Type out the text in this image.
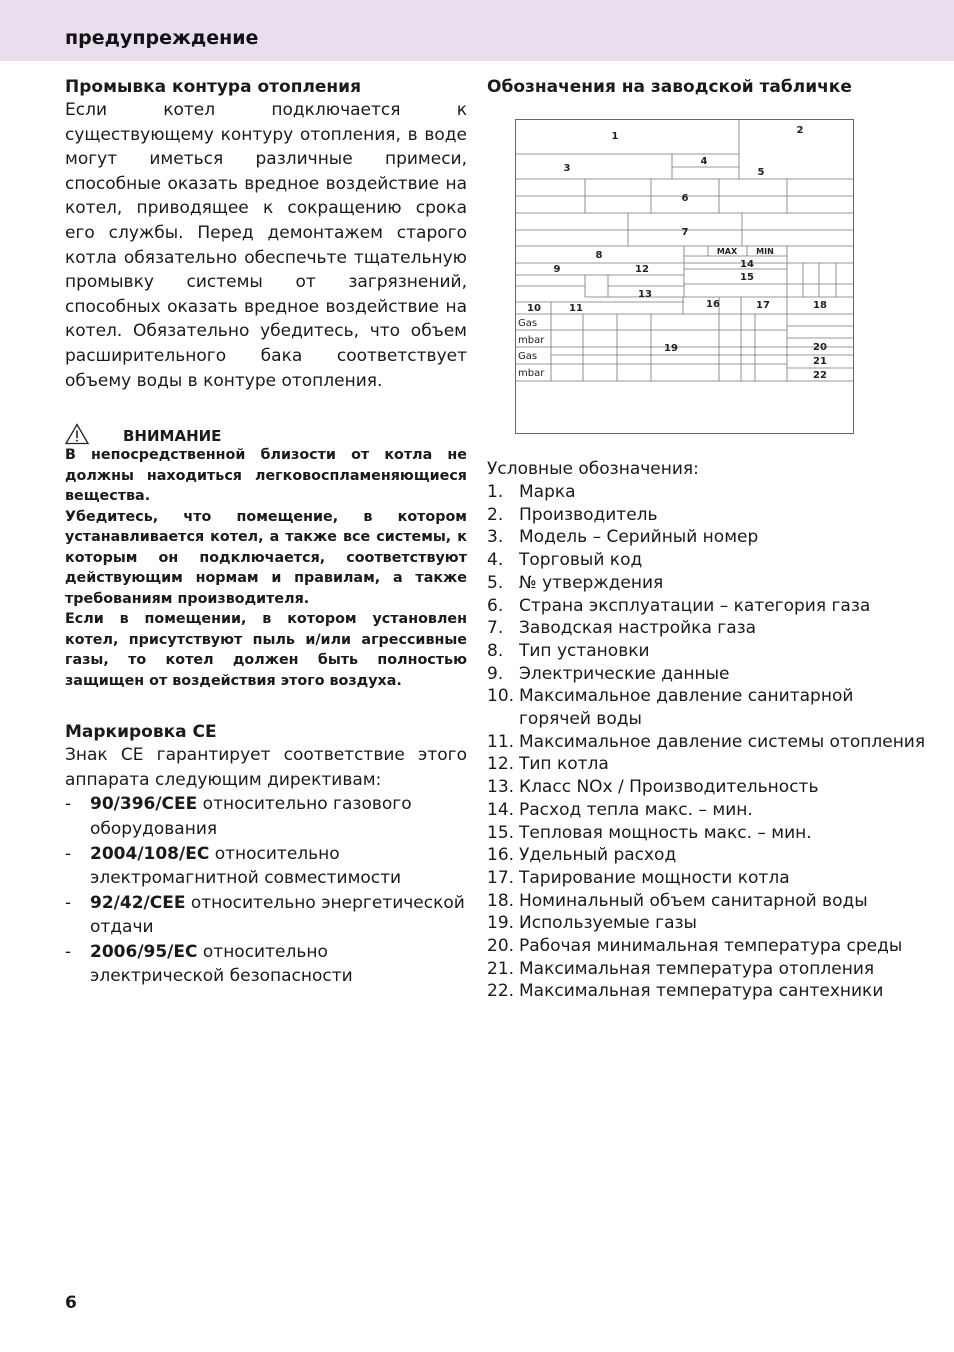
предупреждение
Промывка контура отопления

Если котел подключается к существующему контуру отопления, в воде могут иметься различные примеси, способные оказать вредное воздействие на котел, приводящее к сокращению срока его службы. Перед демонтажем старого котла обязательно обеспечьте тщательную промывку системы от загрязнений, способных оказать вредное воздействие на котел. Обязательно убедитесь, что объем расширительного бака соответствует объему воды в контуре отопления.

ВНИМАНИЕ

В непосредственной близости от котла не должны находиться легковоспламеняющиеся вещества.

Убедитесь, что помещение, в котором устанавливается котел, а также все системы, к которым он подключается, соответствуют действующим нормам и правилам, а также требованиям производителя.

Если в помещении, в котором установлен котел, присутствуют пыль и/или агрессивные газы, то котел должен быть полностью защищен от воздействия этого воздуха.

Маркировка CE

Знак CE гарантирует соответствие этого аппарата следующим директивам:

- 90/396/CEE относительно газового оборудования
- 2004/108/EC относительно электромагнитной совместимости
- 92/42/CEE относительно энергетической отдачи
- 2006/95/EC относительно электрической безопасности
Обозначения на заводской табличке
1
2
3
4
5
6
7
8
9	12
13
14
15
10	11	16	17	18
19	20
21
22
MAX MIN
Gas
mbar
Gas
mbar

Условные обозначения:

1. Марка
2. Производитель
3. Модель – Серийный номер
4. Торговый код
5. № утверждения
6. Страна эксплуатации – категория газа
7. Заводская настройка газа
8. Тип установки
9. Электрические данные
10. Максимальное давление санитарной горячей воды
11. Максимальное давление системы отопления
12. Тип котла
13. Класс NOx / Производительность
14. Расход тепла макс. – мин.
15. Тепловая мощность макс. – мин.
16. Удельный расход
17. Тарирование мощности котла
18. Номинальный объем санитарной воды
19. Используемые газы
20. Рабочая минимальная температура среды
21. Максимальная температура отопления
22. Максимальная температура сантехники
6
